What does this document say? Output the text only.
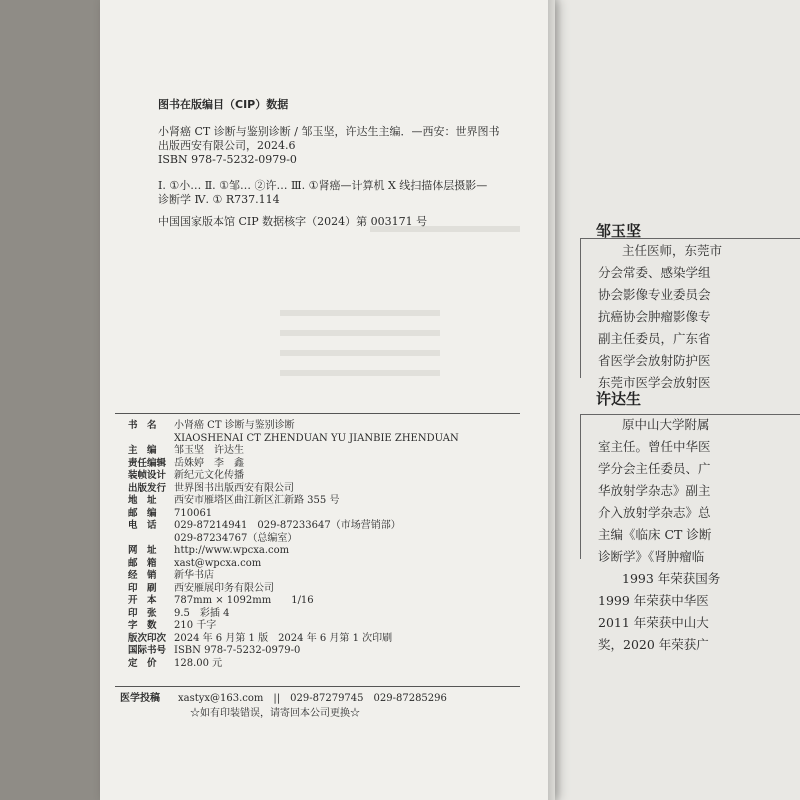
图书在版编目（CIP）数据
小肾癌 CT 诊断与鉴别诊断 / 邹玉坚，许达生主编．—西安：世界图书
出版西安有限公司，2024.6
ISBN 978-7-5232-0979-0
Ⅰ. ①小… Ⅱ. ①邹… ②许… Ⅲ. ①肾癌—计算机 X 线扫描体层摄影—
诊断学 Ⅳ. ① R737.114
中国国家版本馆 CIP 数据核字（2024）第 003171 号
书　名 小肾癌 CT 诊断与鉴别诊断
XIAOSHENAI CT ZHENDUAN YU JIANBIE ZHENDUAN
主　编 邹玉坚　许达生
责任编辑 岳姝婷　李　鑫
装帧设计 新纪元文化传播
出版发行 世界图书出版西安有限公司
地　址 西安市雁塔区曲江新区汇新路 355 号
邮　编 710061
电　话 029-87214941　029-87233647（市场营销部）
029-87234767（总编室）
网　址 http://www.wpcxa.com
邮　箱 xast@wpcxa.com
经　销 新华书店
印　刷 西安雁展印务有限公司
开　本 787mm × 1092mm　　1/16
印　张 9.5　彩插 4
字　数 210 千字
版次印次 2024 年 6 月第 1 版　2024 年 6 月第 1 次印刷
国际书号 ISBN 978-7-5232-0979-0
定　价 128.00 元
医学投稿 xastyx@163.com　||　029-87279745　029-87285296
☆如有印装错误，请寄回本公司更换☆
邹玉坚
主任医师，东莞市
分会常委、感染学组
协会影像专业委员会
抗癌协会肿瘤影像专
副主任委员，广东省
省医学会放射防护医
东莞市医学会放射医
许达生
原中山大学附属
室主任。曾任中华医
学分会主任委员、广
华放射学杂志》副主
介入放射学杂志》总
主编《临床 CT 诊断
诊断学》《肾肿瘤临
1993 年荣获国务
1999 年荣获中华医
2011 年荣获中山大
奖，2020 年荣获广
